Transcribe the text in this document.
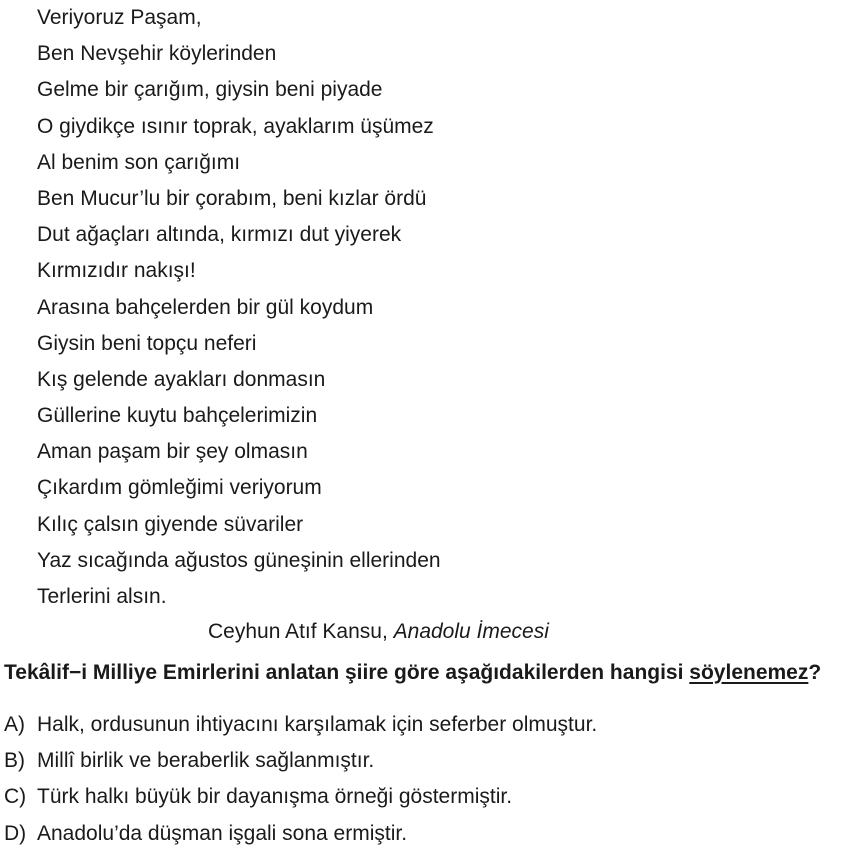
Veriyoruz Paşam,
Ben Nevşehir köylerinden
Gelme bir çarığım, giysin beni piyade
O giydikçe ısınır toprak, ayaklarım üşümez
Al benim son çarığımı
Ben Mucur’lu bir çorabım, beni kızlar ördü
Dut ağaçları altında, kırmızı dut yiyerek
Kırmızıdır nakışı!
Arasına bahçelerden bir gül koydum
Giysin beni topçu neferi
Kış gelende ayakları donmasın
Güllerine kuytu bahçelerimizin
Aman paşam bir şey olmasın
Çıkardım gömleğimi veriyorum
Kılıç çalsın giyende süvariler
Yaz sıcağında ağustos güneşinin ellerinden
Terlerini alsın.
Ceyhun Atıf Kansu, Anadolu İmecesi
Tekâlif−i Milliye Emirlerini anlatan şiire göre aşağıdakilerden hangisi söylenemez?
A) Halk, ordusunun ihtiyacını karşılamak için seferber olmuştur.
B) Millî birlik ve beraberlik sağlanmıştır.
C) Türk halkı büyük bir dayanışma örneği göstermiştir.
D) Anadolu’da düşman işgali sona ermiştir.
